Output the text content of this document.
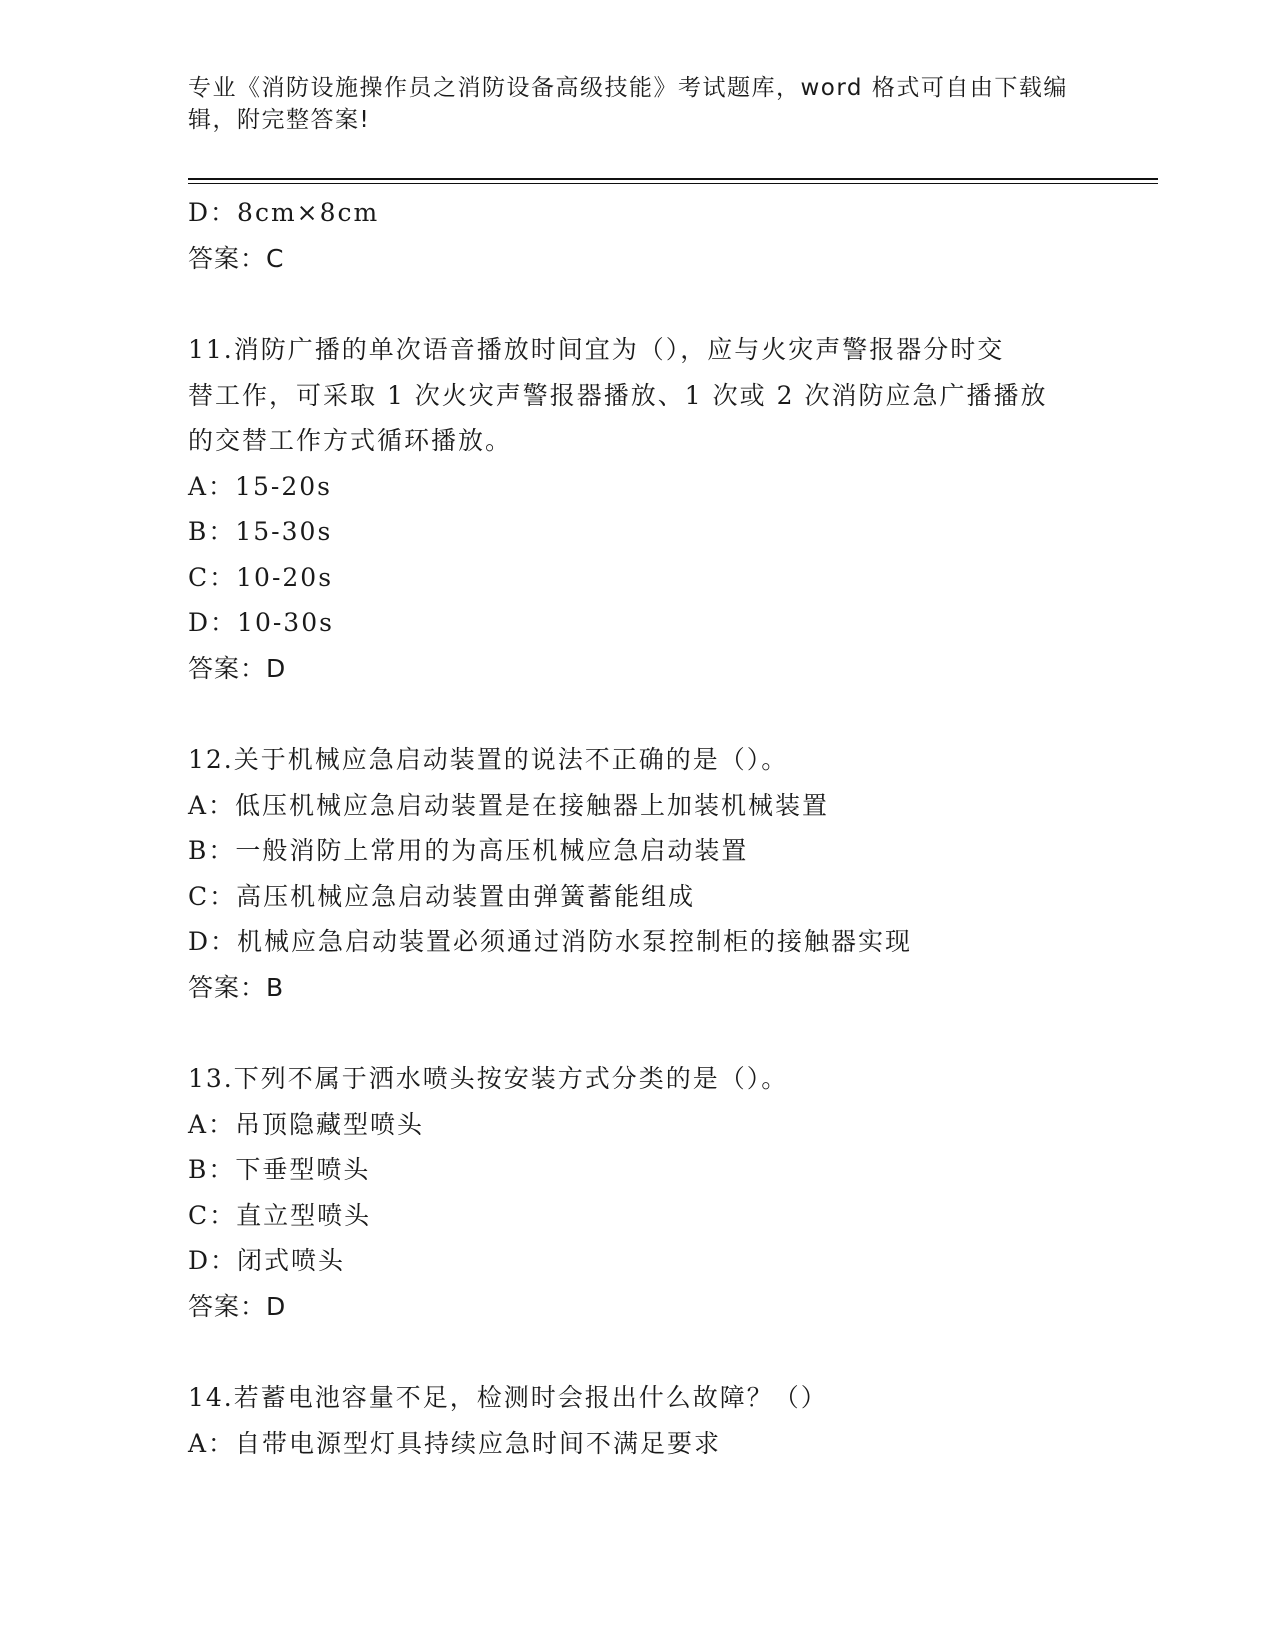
专业《消防设施操作员之消防设备高级技能》考试题库，word 格式可自由下载编
辑，附完整答案!
D：8cm×8cm
答案：C
11.消防广播的单次语音播放时间宜为（），应与火灾声警报器分时交
替工作，可采取 1 次火灾声警报器播放、1 次或 2 次消防应急广播播放
的交替工作方式循环播放。
A：15-20s
B：15-30s
C：10-20s
D：10-30s
答案：D
12.关于机械应急启动装置的说法不正确的是（）。
A：低压机械应急启动装置是在接触器上加装机械装置
B：一般消防上常用的为高压机械应急启动装置
C：高压机械应急启动装置由弹簧蓄能组成
D：机械应急启动装置必须通过消防水泵控制柜的接触器实现
答案：B
13.下列不属于洒水喷头按安装方式分类的是（）。
A：吊顶隐藏型喷头
B：下垂型喷头
C：直立型喷头
D：闭式喷头
答案：D
14.若蓄电池容量不足，检测时会报出什么故障？（）
A：自带电源型灯具持续应急时间不满足要求
